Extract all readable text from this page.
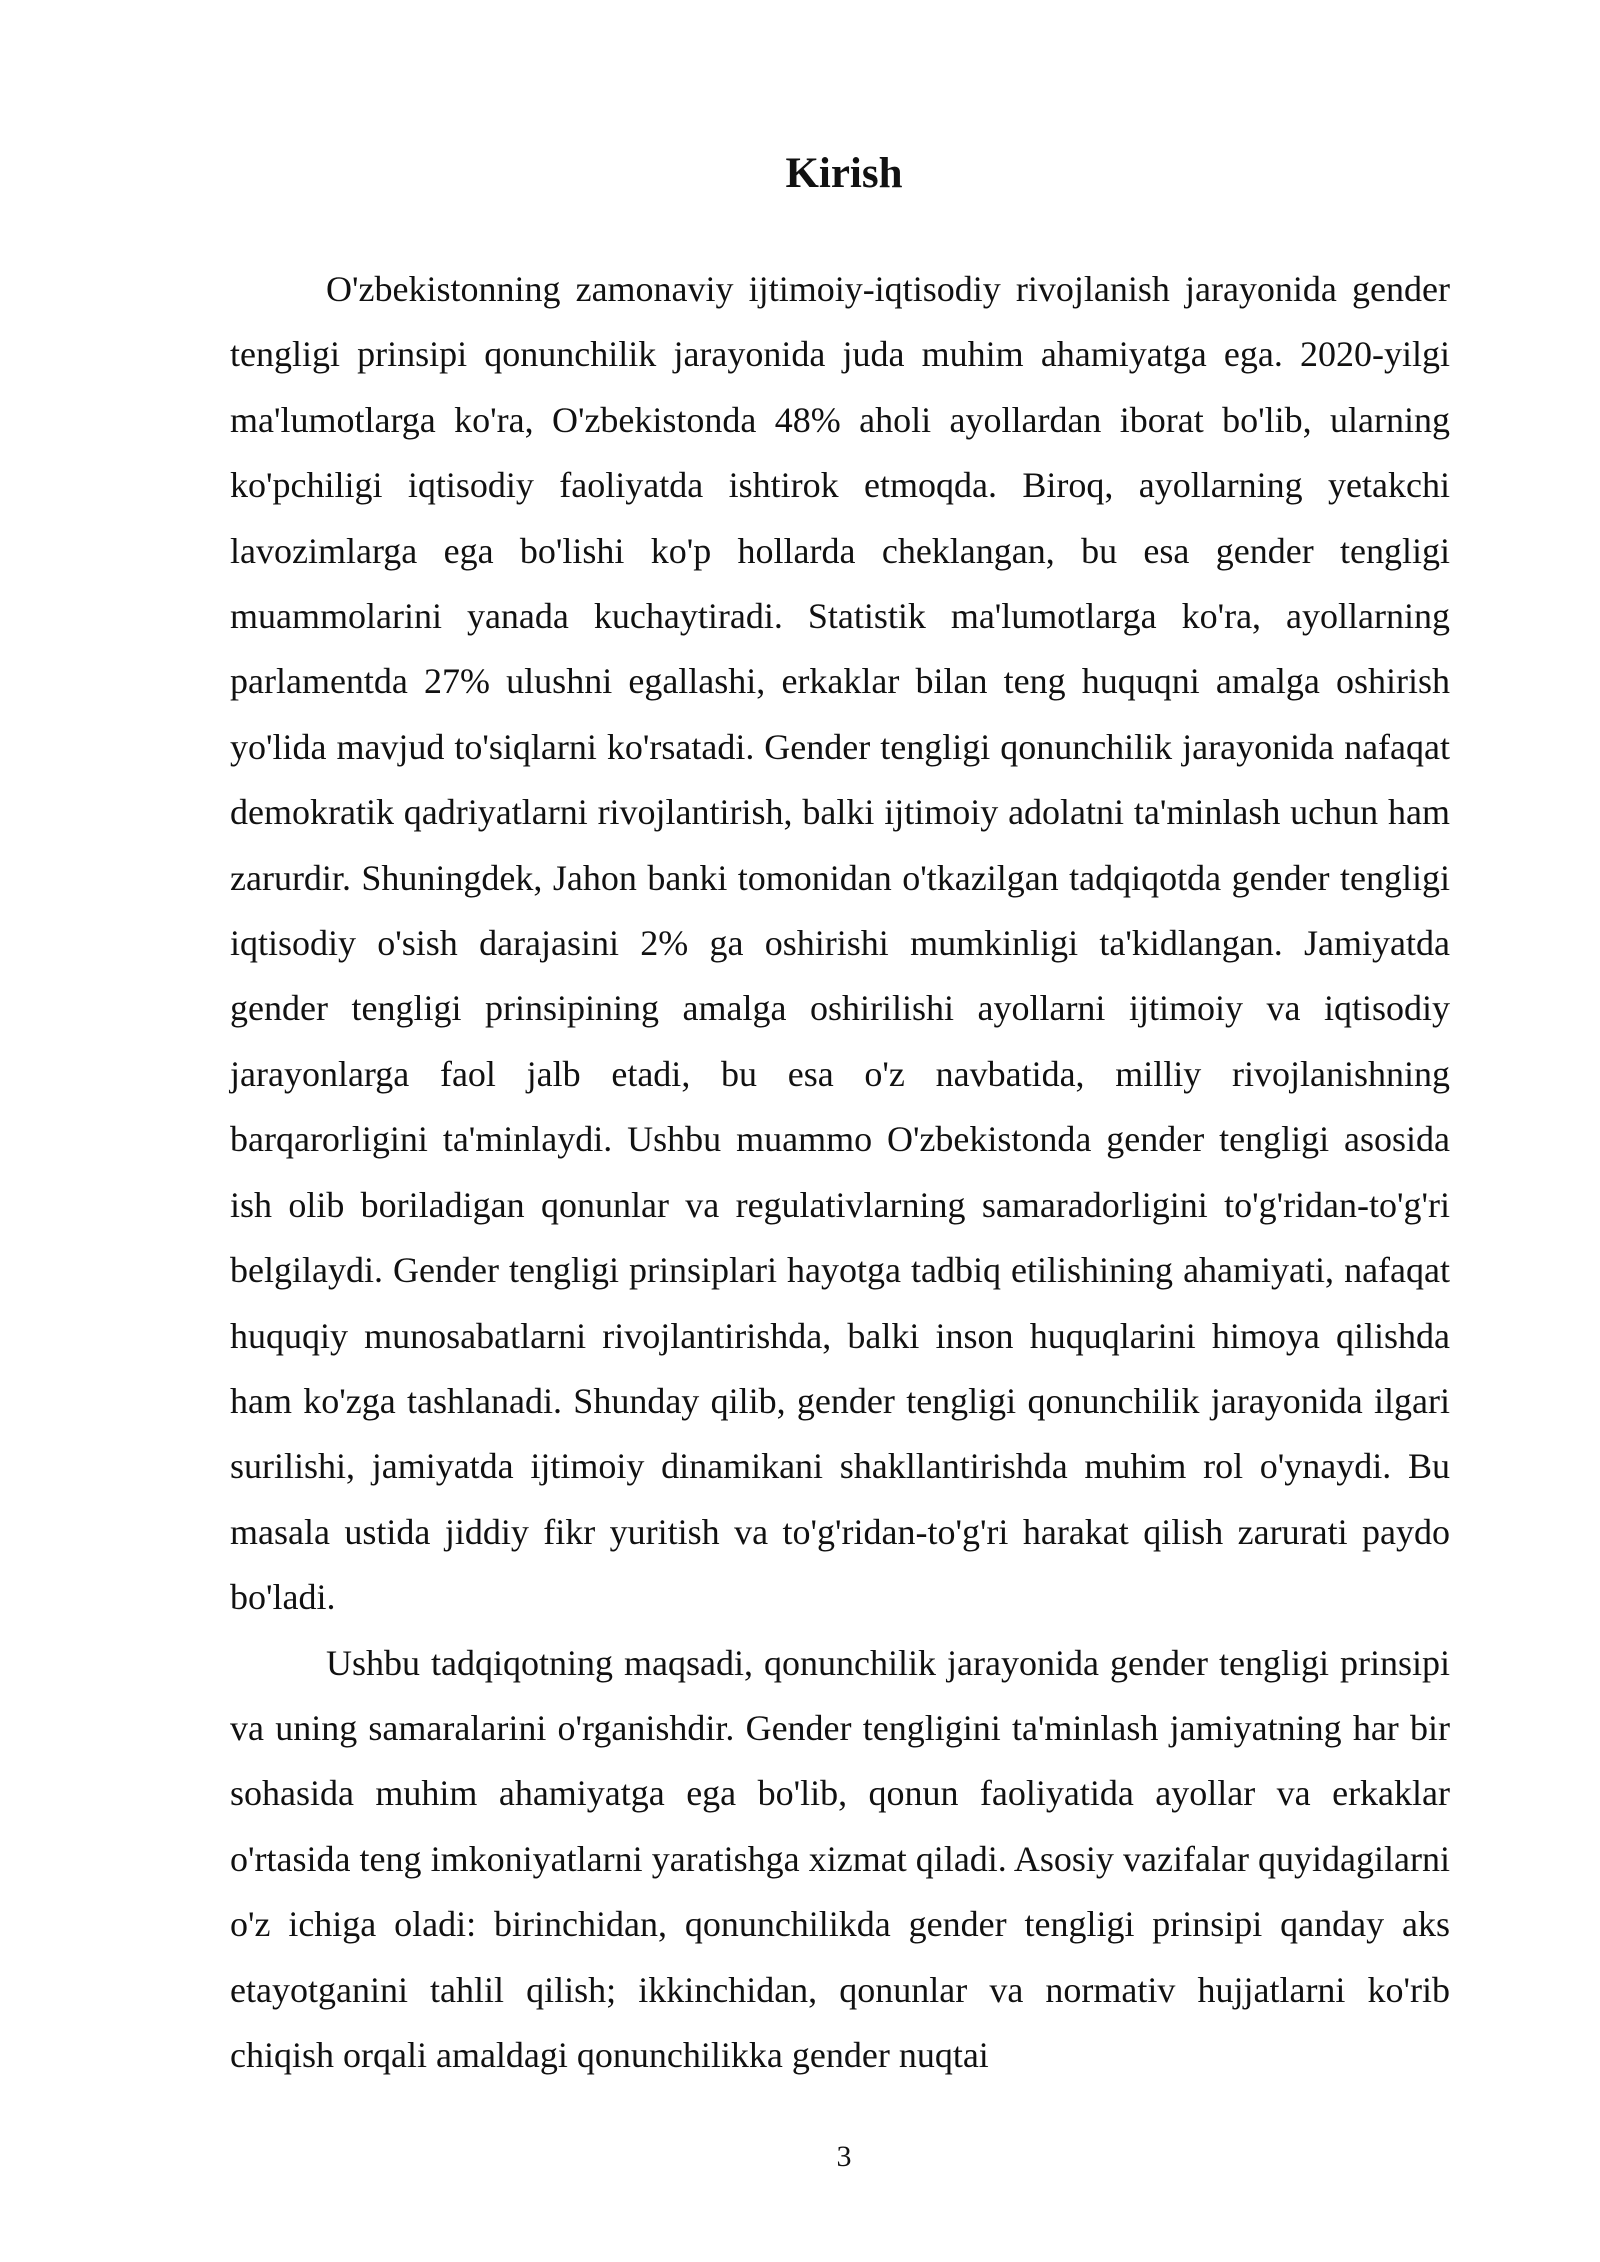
Kirish

O'zbekistonning zamonaviy ijtimoiy-iqtisodiy rivojlanish jarayonida gender tengligi prinsipi qonunchilik jarayonida juda muhim ahamiyatga ega. 2020-yilgi ma'lumotlarga ko'ra, O'zbekistonda 48% aholi ayollardan iborat bo'lib, ularning ko'pchiligi iqtisodiy faoliyatda ishtirok etmoqda. Biroq, ayollarning yetakchi lavozimlarga ega bo'lishi ko'p hollarda cheklangan, bu esa gender tengligi muammolarini yanada kuchaytiradi. Statistik ma'lumotlarga ko'ra, ayollarning parlamentda 27% ulushni egallashi, erkaklar bilan teng huquqni amalga oshirish yo'lida mavjud to'siqlarni ko'rsatadi. Gender tengligi qonunchilik jarayonida nafaqat demokratik qadriyatlarni rivojlantirish, balki ijtimoiy adolatni ta'minlash uchun ham zarurdir. Shuningdek, Jahon banki tomonidan o'tkazilgan tadqiqotda gender tengligi iqtisodiy o'sish darajasini 2% ga oshirishi mumkinligi ta'kidlangan. Jamiyatda gender tengligi prinsipining amalga oshirilishi ayollarni ijtimoiy va iqtisodiy jarayonlarga faol jalb etadi, bu esa o'z navbatida, milliy rivojlanishning barqarorligini ta'minlaydi. Ushbu muammo O'zbekistonda gender tengligi asosida ish olib boriladigan qonunlar va regulativlarning samaradorligini to'g'ridan-to'g'ri belgilaydi. Gender tengligi prinsiplari hayotga tadbiq etilishining ahamiyati, nafaqat huquqiy munosabatlarni rivojlantirishda, balki inson huquqlarini himoya qilishda ham ko'zga tashlanadi. Shunday qilib, gender tengligi qonunchilik jarayonida ilgari surilishi, jamiyatda ijtimoiy dinamikani shakllantirishda muhim rol o'ynaydi. Bu masala ustida jiddiy fikr yuritish va to'g'ridan-to'g'ri harakat qilish zarurati paydo bo'ladi.

Ushbu tadqiqotning maqsadi, qonunchilik jarayonida gender tengligi prinsipi va uning samaralarini o'rganishdir. Gender tengligini ta'minlash jamiyatning har bir sohasida muhim ahamiyatga ega bo'lib, qonun faoliyatida ayollar va erkaklar o'rtasida teng imkoniyatlarni yaratishga xizmat qiladi. Asosiy vazifalar quyidagilarni o'z ichiga oladi: birinchidan, qonunchilikda gender tengligi prinsipi qanday aks etayotganini tahlil qilish; ikkinchidan, qonunlar va normativ hujjatlarni ko'rib chiqish orqali amaldagi qonunchilikka gender nuqtai

3
